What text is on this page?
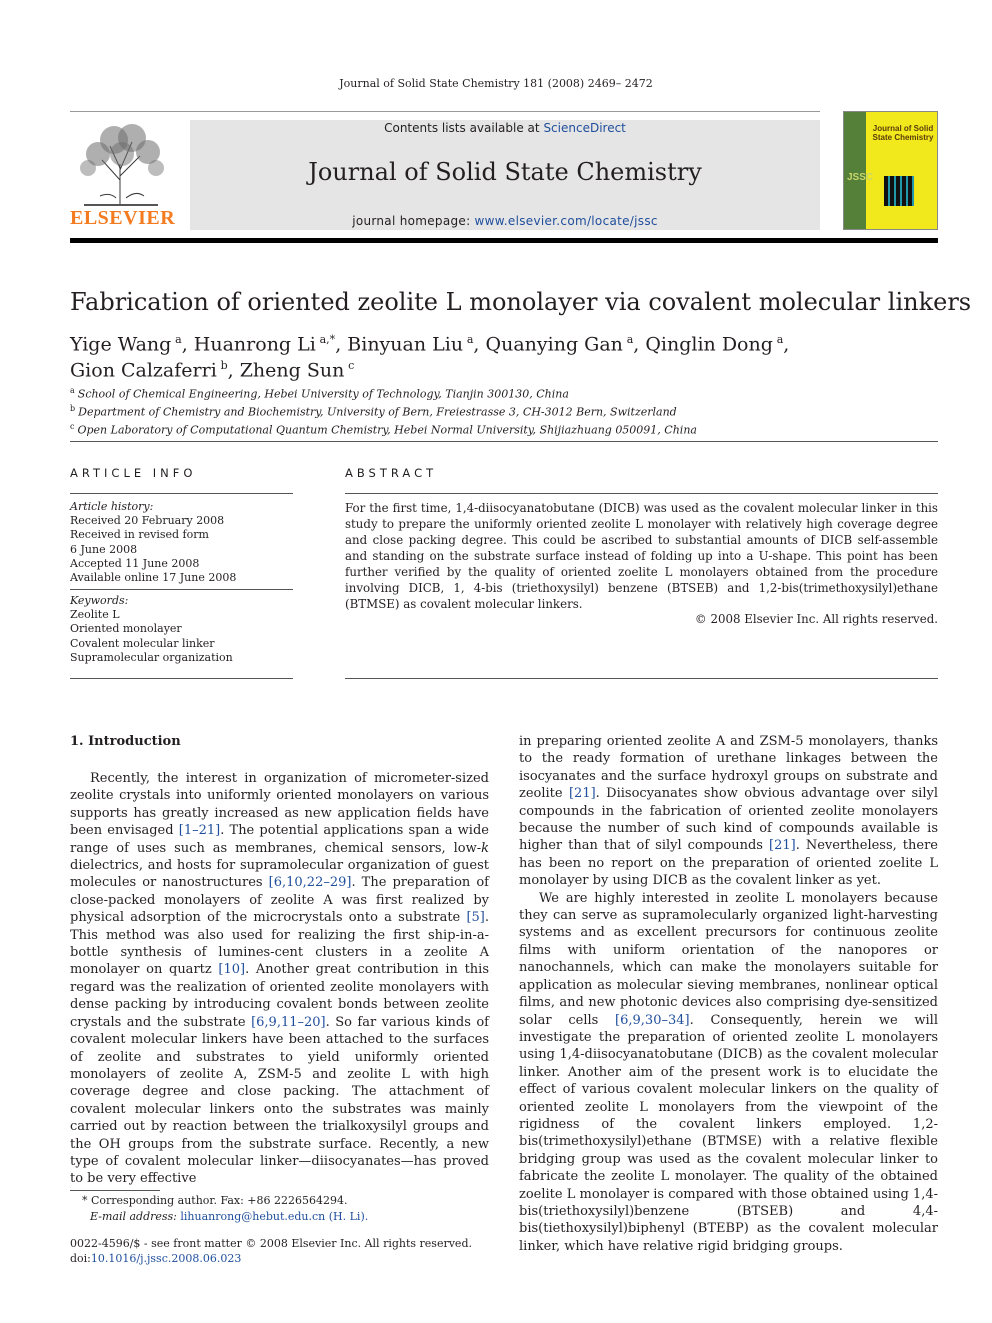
Journal of Solid State Chemistry 181 (2008) 2469– 2472
ELSEVIER
Contents lists available at ScienceDirect
Journal of Solid State Chemistry
journal homepage: www.elsevier.com/locate/jssc
JSSC
Journal of Solid State Chemistry
Fabrication of oriented zeolite L monolayer via covalent molecular linkers
Yige Wang $^a$, Huanrong Li $^{a,*}$, Binyuan Liu $^a$, Quanying Gan $^a$, Qinglin Dong $^a$,
Gion Calzaferri $^b$, Zheng Sun $^c$
$^a$ School of Chemical Engineering, Hebei University of Technology, Tianjin 300130, China
$^b$ Department of Chemistry and Biochemistry, University of Bern, Freiestrasse 3, CH-3012 Bern, Switzerland
$^c$ Open Laboratory of Computational Quantum Chemistry, Hebei Normal University, Shijiazhuang 050091, China
ARTICLE INFO	ABSTRACT
Article history:
Received 20 February 2008
Received in revised form
6 June 2008
Accepted 11 June 2008
Available online 17 June 2008
Keywords:
Zeolite L
Oriented monolayer
Covalent molecular linker
Supramolecular organization
For the first time, 1,4-diisocyanatobutane (DICB) was used as the covalent molecular linker in this study to prepare the uniformly oriented zeolite L monolayer with relatively high coverage degree and close packing degree. This could be ascribed to substantial amounts of DICB self-assemble and standing on the substrate surface instead of folding up into a U-shape. This point has been further verified by the quality of oriented zoelite L monolayers obtained from the procedure involving DICB, 1, 4-bis (triethoxysilyl) benzene (BTSEB) and 1,2-bis(trimethoxysilyl)ethane (BTMSE) as covalent molecular linkers.
© 2008 Elsevier Inc. All rights reserved.
1. Introduction

Recently, the interest in organization of micrometer-sized zeolite crystals into uniformly oriented monolayers on various supports has greatly increased as new application fields have been envisaged [1–21]. The potential applications span a wide range of uses such as membranes, chemical sensors, low-k dielectrics, and hosts for supramolecular organization of guest molecules or nanostructures [6,10,22–29]. The preparation of close-packed monolayers of zeolite A was first realized by physical adsorption of the microcrystals onto a substrate [5]. This method was also used for realizing the first ship-in-a-bottle synthesis of lumines-cent clusters in a zeolite A monolayer on quartz [10]. Another great contribution in this regard was the realization of oriented zeolite monolayers with dense packing by introducing covalent bonds between zeolite crystals and the substrate [6,9,11–20]. So far various kinds of covalent molecular linkers have been attached to the surfaces of zeolite and substrates to yield uniformly oriented monolayers of zeolite A, ZSM-5 and zeolite L with high coverage degree and close packing. The attachment of covalent molecular linkers onto the substrates was mainly carried out by reaction between the trialkoxysilyl groups and the OH groups from the substrate surface. Recently, a new type of covalent molecular linker—diisocyanates—has proved to be very effective

in preparing oriented zeolite A and ZSM-5 monolayers, thanks to the ready formation of urethane linkages between the isocyanates and the surface hydroxyl groups on substrate and zeolite [21]. Diisocyanates show obvious advantage over silyl compounds in the fabrication of oriented zeolite monolayers because the number of such kind of compounds available is higher than that of silyl compounds [21]. Nevertheless, there has been no report on the preparation of oriented zoelite L monolayer by using DICB as the covalent linker as yet.

We are highly interested in zeolite L monolayers because they can serve as supramolecularly organized light-harvesting systems and as excellent precursors for continuous zeolite films with uniform orientation of the nanopores or nanochannels, which can make the monolayers suitable for application as molecular sieving membranes, nonlinear optical films, and new photonic devices also comprising dye-sensitized solar cells [6,9,30–34]. Consequently, herein we will investigate the preparation of oriented zeolite L monolayers using 1,4-diisocyanatobutane (DICB) as the covalent molecular linker. Another aim of the present work is to elucidate the effect of various covalent molecular linkers on the quality of oriented zeolite L monolayers from the viewpoint of the rigidness of the covalent linkers employed. 1,2-bis(trimethoxysilyl)ethane (BTMSE) with a relative flexible bridging group was used as the covalent molecular linker to fabricate the zeolite L monolayer. The quality of the obtained zoelite L monolayer is compared with those obtained using 1,4-bis(triethoxysilyl)benzene (BTSEB) and 4,4-bis(tiethoxysilyl)biphenyl (BTEBP) as the covalent molecular linker, which have relative rigid bridging groups.

* Corresponding author. Fax: +86 2226564294.
E-mail address: lihuanrong@hebut.edu.cn (H. Li).
0022-4596/$ - see front matter © 2008 Elsevier Inc. All rights reserved.
doi:10.1016/j.jssc.2008.06.023
